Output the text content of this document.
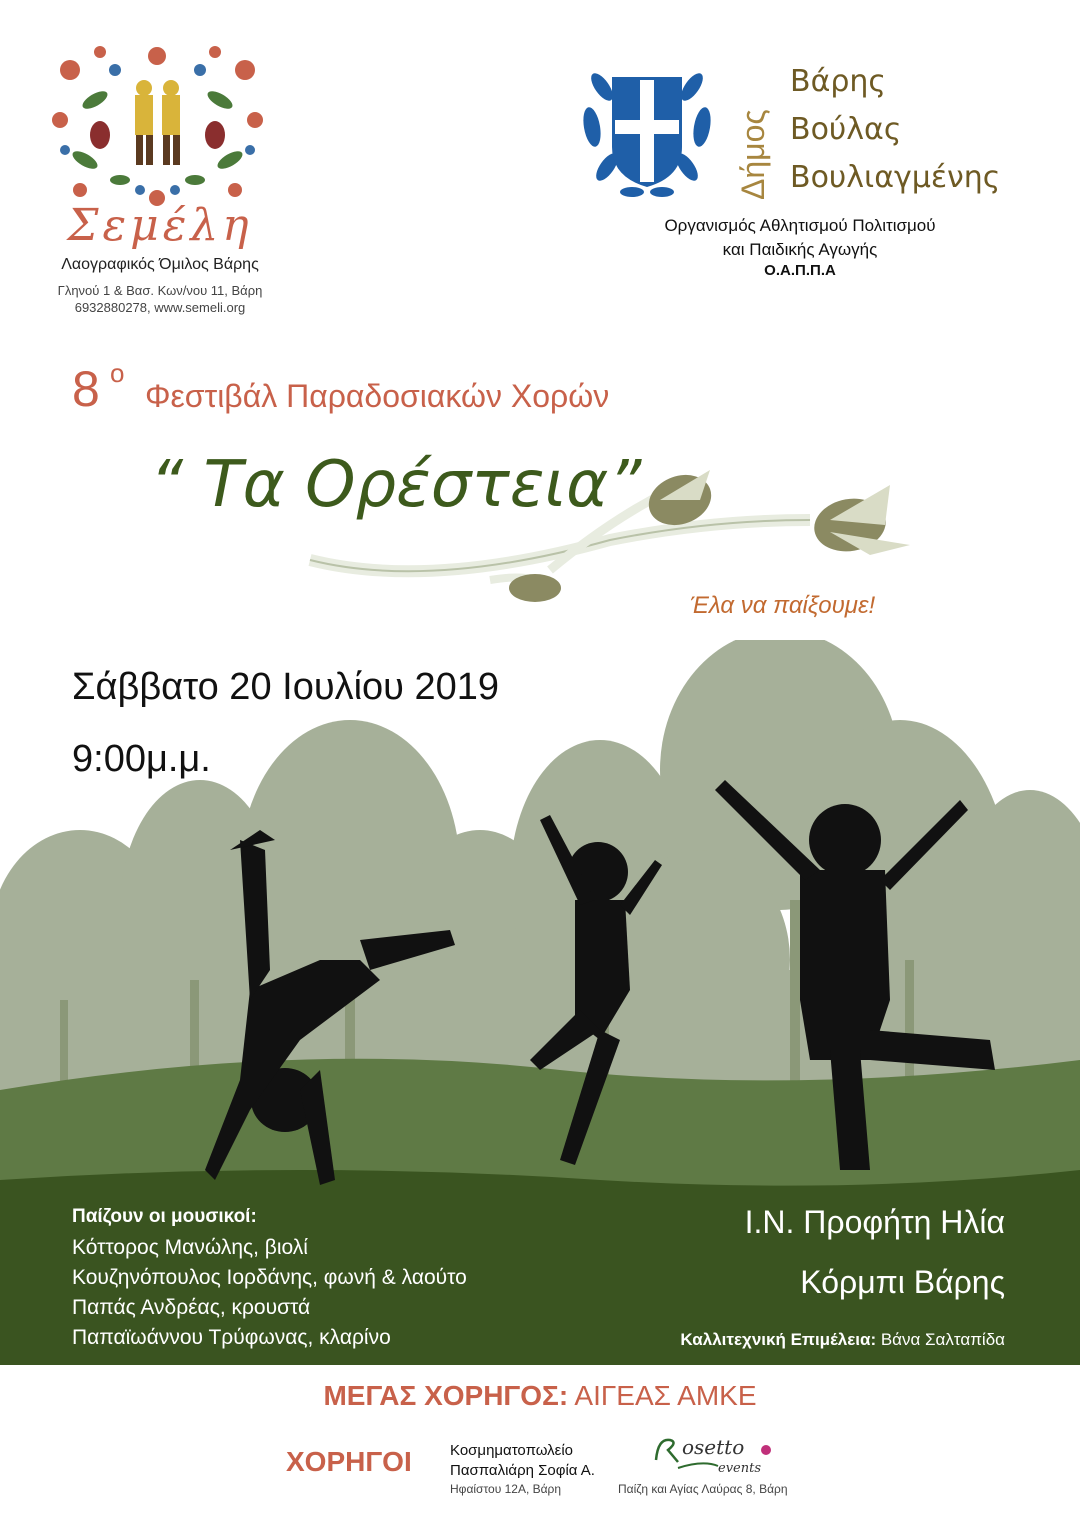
Σεμέλη
Λαογραφικός Όμιλος Βάρης
Γληνού 1 & Βασ. Κων/νου 11, Βάρη
6932880278, www.semeli.org
Δήμος
Βάρης
Βούλας
Βουλιαγμένης
Οργανισμός Αθλητισμού Πολιτισμού
και Παιδικής Αγωγής
Ο.Α.Π.Π.Α
8 ο
Φεστιβάλ Παραδοσιακών Χορών
“ Τα Ορέστεια”
Έλα να παίξουμε!
Σάββατο 20 Ιουλίου 2019
9:00μ.μ.
Παίζουν οι μουσικοί:
Κόττορος Μανώλης, βιολί
Κουζηνόπουλος Ιορδάνης, φωνή & λαούτο
Παπάς Ανδρέας, κρουστά
Παπαϊωάννου Τρύφωνας, κλαρίνο
Ι.Ν. Προφήτη Ηλία
Κόρμπι Βάρης
Καλλιτεχνική Επιμέλεια: Βάνα Σαλταπίδα
ΜΕΓΑΣ ΧΟΡΗΓΟΣ: ΑΙΓΕΑΣ ΑΜΚΕ
ΧΟΡΗΓΟΙ	Κοσμηματοπωλείο
Πασπαλιάρη Σοφία Α.
Ηφαίστου 12Α, Βάρη
osetto
events
Παίζη και Αγίας Λαύρας 8, Βάρη
